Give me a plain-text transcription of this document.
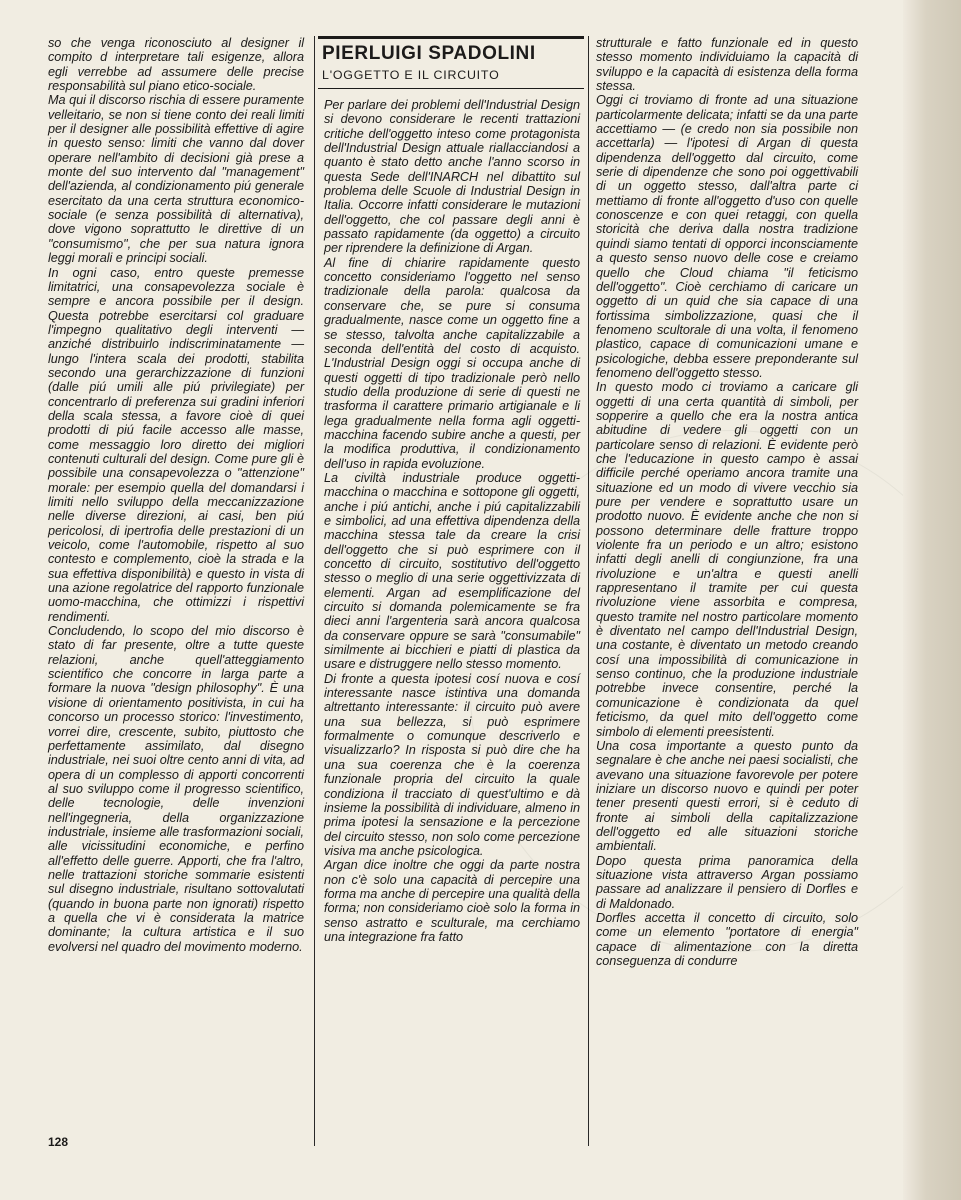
so che venga riconosciuto al designer il compito d interpretare tali esigenze, allora egli verrebbe ad assumere delle precise responsabilità sul piano etico-sociale.

Ma qui il discorso rischia di essere puramente velleitario, se non si tiene conto dei reali limiti per il designer alle possibilità effettive di agire in questo senso: limiti che vanno dal dover operare nell'ambito di decisioni già prese a monte del suo intervento dal "management" dell'azienda, al condizionamento piú generale esercitato da una certa struttura economico-sociale (e senza possibilità di alternativa), dove vigono soprattutto le direttive di un "consumismo", che per sua natura ignora leggi morali e principi sociali.

In ogni caso, entro queste premesse limitatrici, una consapevolezza sociale è sempre e ancora possibile per il design. Questa potrebbe esercitarsi col graduare l'impegno qualitativo degli interventi — anziché distribuirlo indiscriminatamente — lungo l'intera scala dei prodotti, stabilita secondo una gerarchizzazione di funzioni (dalle piú umili alle piú privilegiate) per concentrarlo di preferenza sui gradini inferiori della scala stessa, a favore cioè di quei prodotti di piú facile accesso alle masse, come messaggio loro diretto dei migliori contenuti culturali del design. Come pure gli è possibile una consapevolezza o "attenzione" morale: per esempio quella del domandarsi i limiti nello sviluppo della meccanizzazione nelle diverse direzioni, ai casi, ben piú pericolosi, di ipertrofia delle prestazioni di un veicolo, come l'automobile, rispetto al suo contesto e complemento, cioè la strada e la sua effettiva disponibilità) e questo in vista di una azione regolatrice del rapporto funzionale uomo-macchina, che ottimizzi i rispettivi rendimenti.

Concludendo, lo scopo del mio discorso è stato di far presente, oltre a tutte queste relazioni, anche quell'atteggiamento scientifico che concorre in larga parte a formare la nuova "design philosophy". È una visione di orientamento positivista, in cui ha concorso un processo storico: l'investimento, vorrei dire, crescente, subito, piuttosto che perfettamente assimilato, dal disegno industriale, nei suoi oltre cento anni di vita, ad opera di un complesso di apporti concorrenti al suo sviluppo come il progresso scientifico, delle tecnologie, delle invenzioni nell'ingegneria, della organizzazione industriale, insieme alle trasformazioni sociali, alle vicissitudini economiche, e perfino all'effetto delle guerre. Apporti, che fra l'altro, nelle trattazioni storiche sommarie esistenti sul disegno industriale, risultano sottovalutati (quando in buona parte non ignorati) rispetto a quella che vi è considerata la matrice dominante; la cultura artistica e il suo evolversi nel quadro del movimento moderno.

PIERLUIGI SPADOLINI

L'OGGETTO E IL CIRCUITO

Per parlare dei problemi dell'Industrial Design si devono considerare le recenti trattazioni critiche dell'oggetto inteso come protagonista dell'Industrial Design attuale riallacciandosi a quanto è stato detto anche l'anno scorso in questa Sede dell'INARCH nel dibattito sul problema delle Scuole di Industrial Design in Italia. Occorre infatti considerare le mutazioni dell'oggetto, che col passare degli anni è passato rapidamente (da oggetto) a circuito per riprendere la definizione di Argan.

Al fine di chiarire rapidamente questo concetto consideriamo l'oggetto nel senso tradizionale della parola: qualcosa da conservare che, se pure si consuma gradualmente, nasce come un oggetto fine a se stesso, talvolta anche capitalizzabile a seconda dell'entità del costo di acquisto. L'Industrial Design oggi si occupa anche di questi oggetti di tipo tradizionale però nello studio della produzione di serie di questi ne trasforma il carattere primario artigianale e li lega gradualmente nella forma agli oggetti-macchina facendo subire anche a questi, per la modifica produttiva, il condizionamento dell'uso in rapida evoluzione.

La civiltà industriale produce oggetti-macchina o macchina e sottopone gli oggetti, anche i piú antichi, anche i piú capitalizzabili e simbolici, ad una effettiva dipendenza della macchina stessa tale da creare la crisi dell'oggetto che si può esprimere con il concetto di circuito, sostitutivo dell'oggetto stesso o meglio di una serie oggettivizzata di elementi. Argan ad esemplificazione del circuito si domanda polemicamente se fra dieci anni l'argenteria sarà ancora qualcosa da conservare oppure se sarà "consumabile" similmente ai bicchieri e piatti di plastica da usare e distruggere nello stesso momento.

Di fronte a questa ipotesi cosí nuova e cosí interessante nasce istintiva una domanda altrettanto interessante: il circuito può avere una sua bellezza, si può esprimere formalmente o comunque descriverlo e visualizzarlo? In risposta si può dire che ha una sua coerenza che è la coerenza funzionale propria del circuito la quale condiziona il tracciato di quest'ultimo e dà insieme la possibilità di individuare, almeno in prima ipotesi la sensazione e la percezione del circuito stesso, non solo come percezione visiva ma anche psicologica.

Argan dice inoltre che oggi da parte nostra non c'è solo una capacità di percepire una forma ma anche di percepire una qualità della forma; non consideriamo cioè solo la forma in senso astratto e sculturale, ma cerchiamo una integrazione fra fatto

strutturale e fatto funzionale ed in questo stesso momento individuiamo la capacità di sviluppo e la capacità di esistenza della forma stessa.

Oggi ci troviamo di fronte ad una situazione particolarmente delicata; infatti se da una parte accettiamo — (e credo non sia possibile non accettarla) — l'ipotesi di Argan di questa dipendenza dell'oggetto dal circuito, come serie di dipendenze che sono poi oggettivabili di un oggetto stesso, dall'altra parte ci mettiamo di fronte all'oggetto d'uso con quelle conoscenze e con quei retaggi, con quella storicità che deriva dalla nostra tradizione quindi siamo tentati di opporci inconsciamente a questo senso nuovo delle cose e creiamo quello che Cloud chiama "il feticismo dell'oggetto". Cioè cerchiamo di caricare un oggetto di un quid che sia capace di una fortissima simbolizzazione, quasi che il fenomeno scultorale di una volta, il fenomeno plastico, capace di comunicazioni umane e psicologiche, debba essere preponderante sul fenomeno dell'oggetto stesso.

In questo modo ci troviamo a caricare gli oggetti di una certa quantità di simboli, per sopperire a quello che era la nostra antica abitudine di vedere gli oggetti con un particolare senso di relazioni. È evidente però che l'educazione in questo campo è assai difficile perché operiamo ancora tramite una situazione ed un modo di vivere vecchio sia pure per vendere e soprattutto usare un prodotto nuovo. È evidente anche che non si possono determinare delle fratture troppo violente fra un periodo e un altro; esistono infatti degli anelli di congiunzione, fra una rivoluzione e un'altra e questi anelli rappresentano il tramite per cui questa rivoluzione viene assorbita e compresa, questo tramite nel nostro particolare momento è diventato nel campo dell'Industrial Design, una costante, è diventato un metodo creando cosí una impossibilità di comunicazione in senso continuo, che la produzione industriale potrebbe invece consentire, perché la comunicazione è condizionata da quel feticismo, da quel mito dell'oggetto come simbolo di elementi preesistenti.

Una cosa importante a questo punto da segnalare è che anche nei paesi socialisti, che avevano una situazione favorevole per potere iniziare un discorso nuovo e quindi per poter tener presenti questi errori, si è ceduto di fronte ai simboli della capitalizzazione dell'oggetto ed alle situazioni storiche ambientali.

Dopo questa prima panoramica della situazione vista attraverso Argan possiamo passare ad analizzare il pensiero di Dorfles e di Maldonado.

Dorfles accetta il concetto di circuito, solo come un elemento "portatore di energia" capace di alimentazione con la diretta conseguenza di condurre

128
